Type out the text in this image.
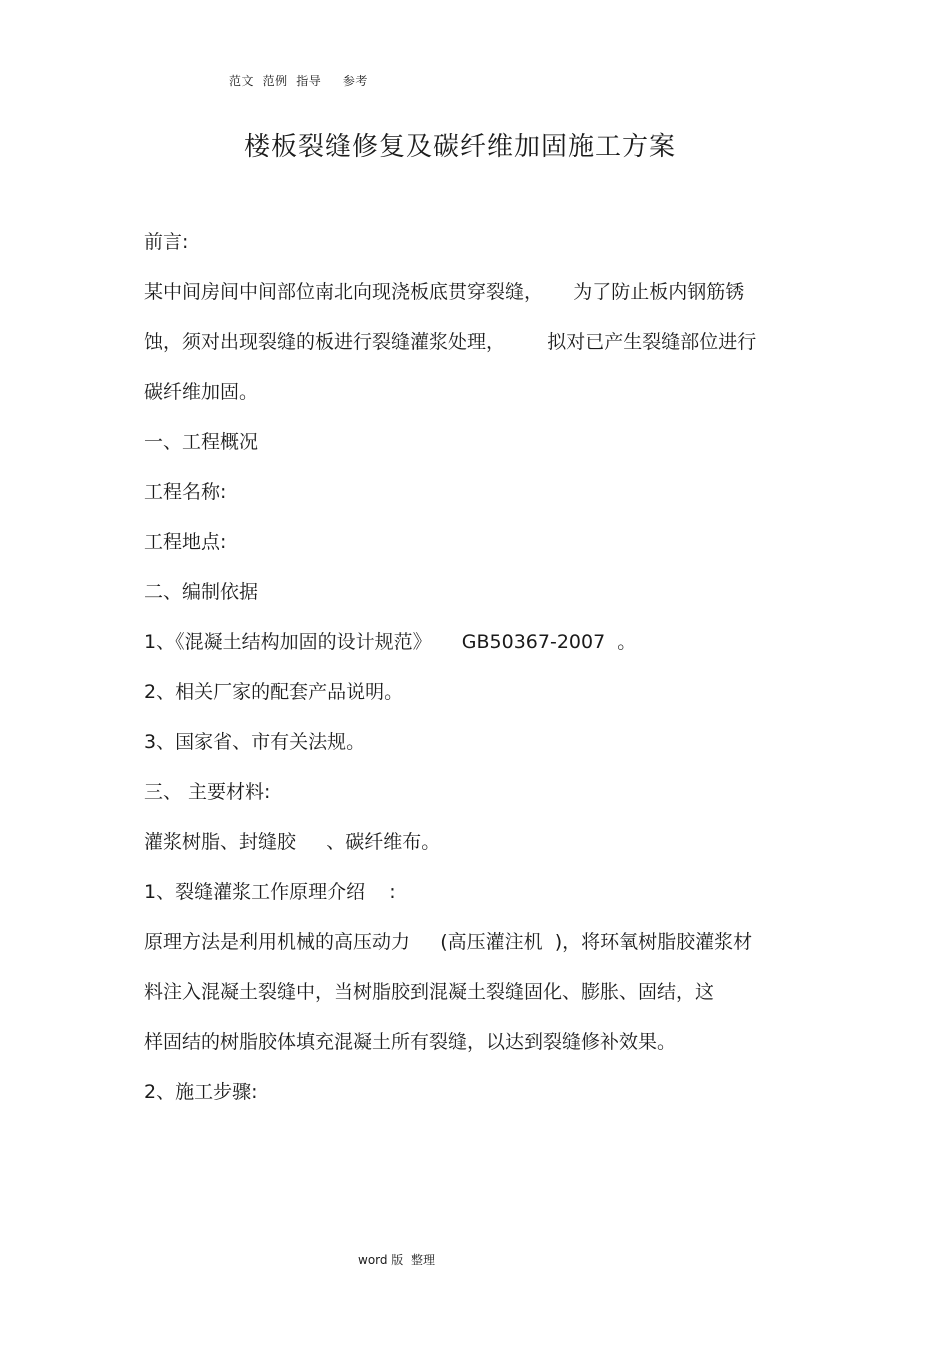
范文  范例  指导     参考
楼板裂缝修复及碳纤维加固施工方案
前言:
某中间房间中间部位南北向现浇板底贯穿裂缝，     为了防止板内钢筋锈
蚀，须对出现裂缝的板进行裂缝灌浆处理，       拟对已产生裂缝部位进行
碳纤维加固。
一、工程概况
工程名称:
工程地点:
二、编制依据
1、《混凝土结构加固的设计规范》     GB50367-2007  。
2、相关厂家的配套产品说明。
3、国家省、市有关法规。
三、 主要材料:
灌浆树脂、封缝胶     、碳纤维布。
1、裂缝灌浆工作原理介绍    :
原理方法是利用机械的高压动力     (高压灌注机  )，将环氧树脂胶灌浆材
料注入混凝土裂缝中，当树脂胶到混凝土裂缝固化、膨胀、固结，这
样固结的树脂胶体填充混凝土所有裂缝，以达到裂缝修补效果。
2、施工步骤:
word 版  整理
